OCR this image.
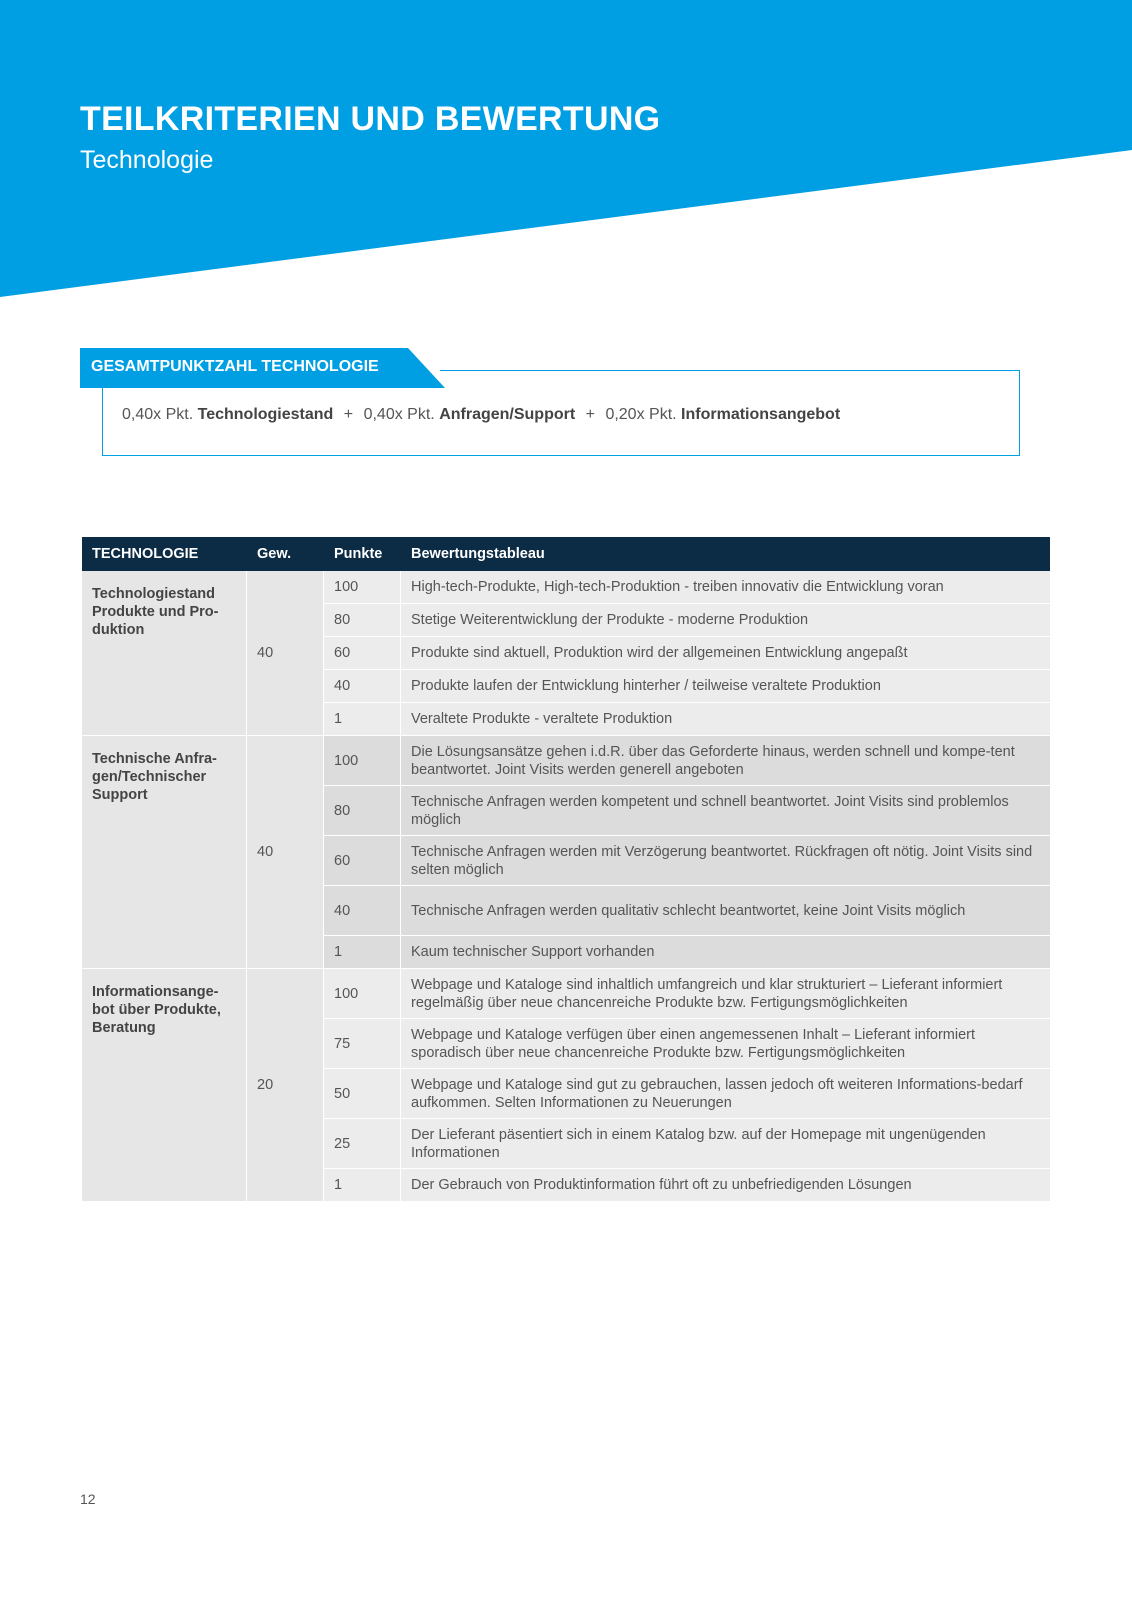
TEILKRITERIEN UND BEWERTUNG
Technologie
GESAMTPUNKTZAHL TECHNOLOGIE
0,40x Pkt. Technologiestand + 0,40x Pkt. Anfragen/Support + 0,20x Pkt. Informationsangebot
TECHNOLOGIE	Gew.	Punkte	Bewertungstableau
Technologiestand Produkte und Pro-duktion	40	100	High-tech-Produkte, High-tech-Produktion - treiben innovativ die Entwicklung voran
		80	Stetige Weiterentwicklung der Produkte - moderne Produktion
		60	Produkte sind aktuell, Produktion wird der allgemeinen Entwicklung angepaßt
		40	Produkte laufen der Entwicklung hinterher / teilweise veraltete Produktion
		1	Veraltete Produkte - veraltete Produktion
Technische Anfra-gen/Technischer Support	40	100	Die Lösungsansätze gehen i.d.R. über das Geforderte hinaus, werden schnell und kompe-tent beantwortet. Joint Visits werden generell angeboten
		80	Technische Anfragen werden kompetent und schnell beantwortet. Joint Visits sind problemlos möglich
		60	Technische Anfragen werden mit Verzögerung beantwortet. Rückfragen oft nötig. Joint Visits sind selten möglich
		40	Technische Anfragen werden qualitativ schlecht beantwortet, keine Joint Visits möglich
		1	Kaum technischer Support vorhanden
Informationsange-bot über Produkte, Beratung	20	100	Webpage und Kataloge sind inhaltlich umfangreich und klar strukturiert – Lieferant informiert regelmäßig über neue chancenreiche Produkte bzw. Fertigungsmöglichkeiten
		75	Webpage und Kataloge verfügen über einen angemessenen Inhalt – Lieferant informiert sporadisch über neue chancenreiche Produkte bzw. Fertigungsmöglichkeiten
		50	Webpage und Kataloge sind gut zu gebrauchen, lassen jedoch oft weiteren Informations-bedarf aufkommen. Selten Informationen zu Neuerungen
		25	Der Lieferant päsentiert sich in einem Katalog bzw. auf der Homepage mit ungenügenden Informationen
		1	Der Gebrauch von Produktinformation führt oft zu unbefriedigenden Lösungen
12
